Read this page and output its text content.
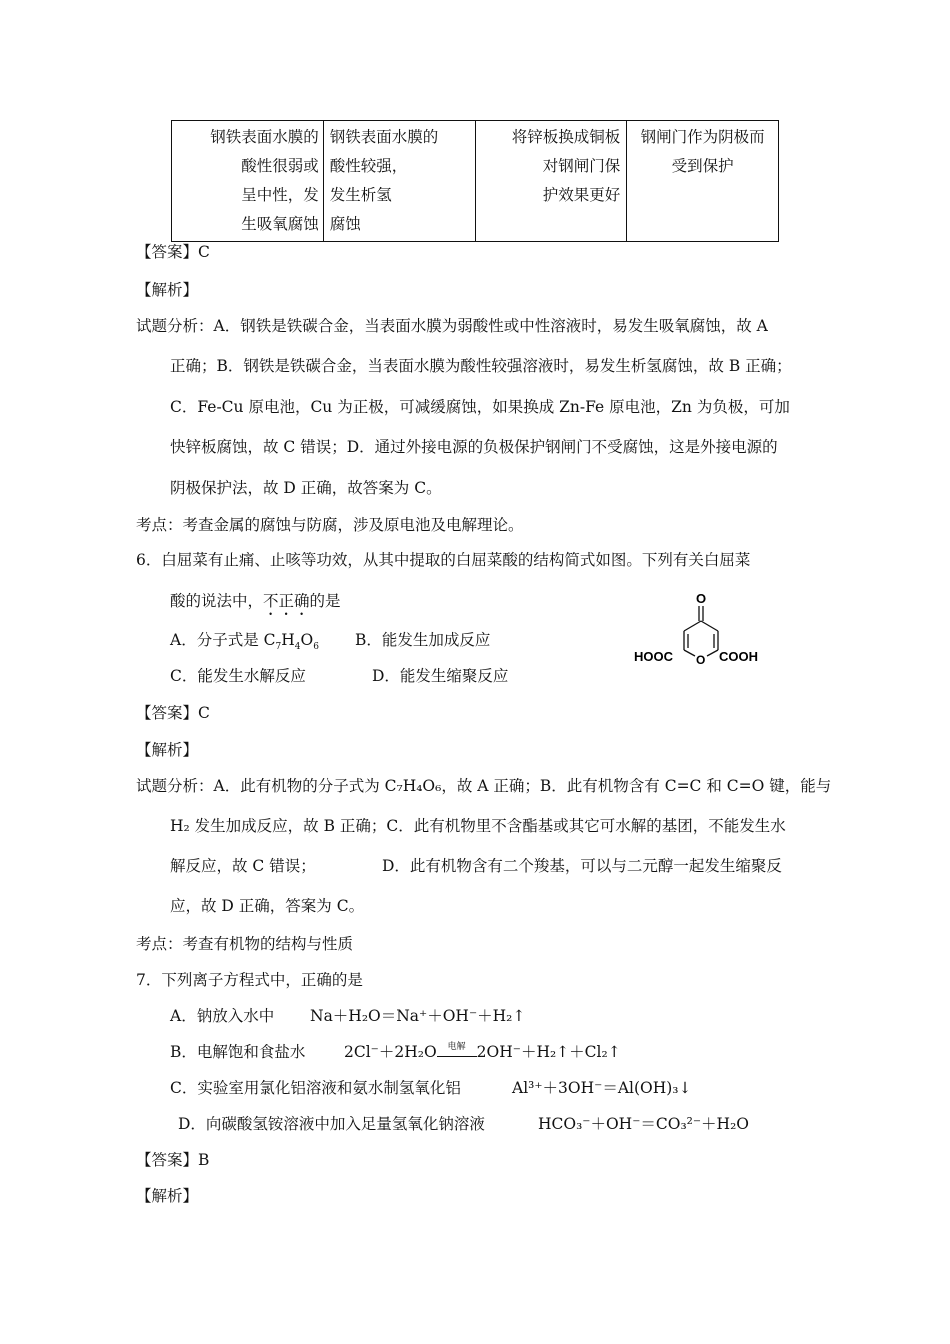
钢铁表面水膜的
酸性很弱或
呈中性，发
生吸氧腐蚀

钢铁表面水膜的
酸性较强，
发生析氢
腐蚀

将锌板换成铜板
对钢闸门保
护效果更好

钢闸门作为阴极而
受到保护
【答案】C
【解析】
试题分析：A．钢铁是铁碳合金，当表面水膜为弱酸性或中性溶液时，易发生吸氧腐蚀，故 A
正确；B．钢铁是铁碳合金，当表面水膜为酸性较强溶液时，易发生析氢腐蚀，故 B 正确；
C．Fe-Cu 原电池，Cu 为正极，可减缓腐蚀，如果换成 Zn-Fe 原电池，Zn 为负极，可加
快锌板腐蚀，故 C 错误；D．通过外接电源的负极保护钢闸门不受腐蚀，这是外接电源的
阴极保护法，故 D 正确，故答案为 C。
考点：考查金属的腐蚀与防腐，涉及原电池及电解理论。
6．白屈菜有止痛、止咳等功效，从其中提取的白屈菜酸的结构简式如图。下列有关白屈菜
酸的说法中，不正确的是
A．分子式是 $C_7H_4O_6$ B．能发生加成反应
C．能发生水解反应	D．能发生缩聚反应
O
O
HOOC	COOH
【答案】C
【解析】
试题分析：A．此有机物的分子式为 C₇H₄O₆，故 A 正确；B．此有机物含有 C=C 和 C=O 键，能与
H₂ 发生加成反应，故 B 正确；C．此有机物里不含酯基或其它可水解的基团，不能发生水
解反应，故 C 错误；	D．此有机物含有二个羧基，可以与二元醇一起发生缩聚反
应，故 D 正确，答案为 C。
考点：考查有机物的结构与性质
7．下列离子方程式中，正确的是
A．钠放入水中 Na＋H₂O＝Na⁺＋OH⁻＋H₂↑
B．电解饱和食盐水 2Cl⁻＋2H₂O	电解 2OH⁻＋H₂↑＋Cl₂↑
C．实验室用氯化铝溶液和氨水制氢氧化铝	Al³⁺＋3OH⁻＝Al(OH)₃↓
D．向碳酸氢铵溶液中加入足量氢氧化钠溶液	HCO₃⁻＋OH⁻＝CO₃²⁻＋H₂O
【答案】B
【解析】
